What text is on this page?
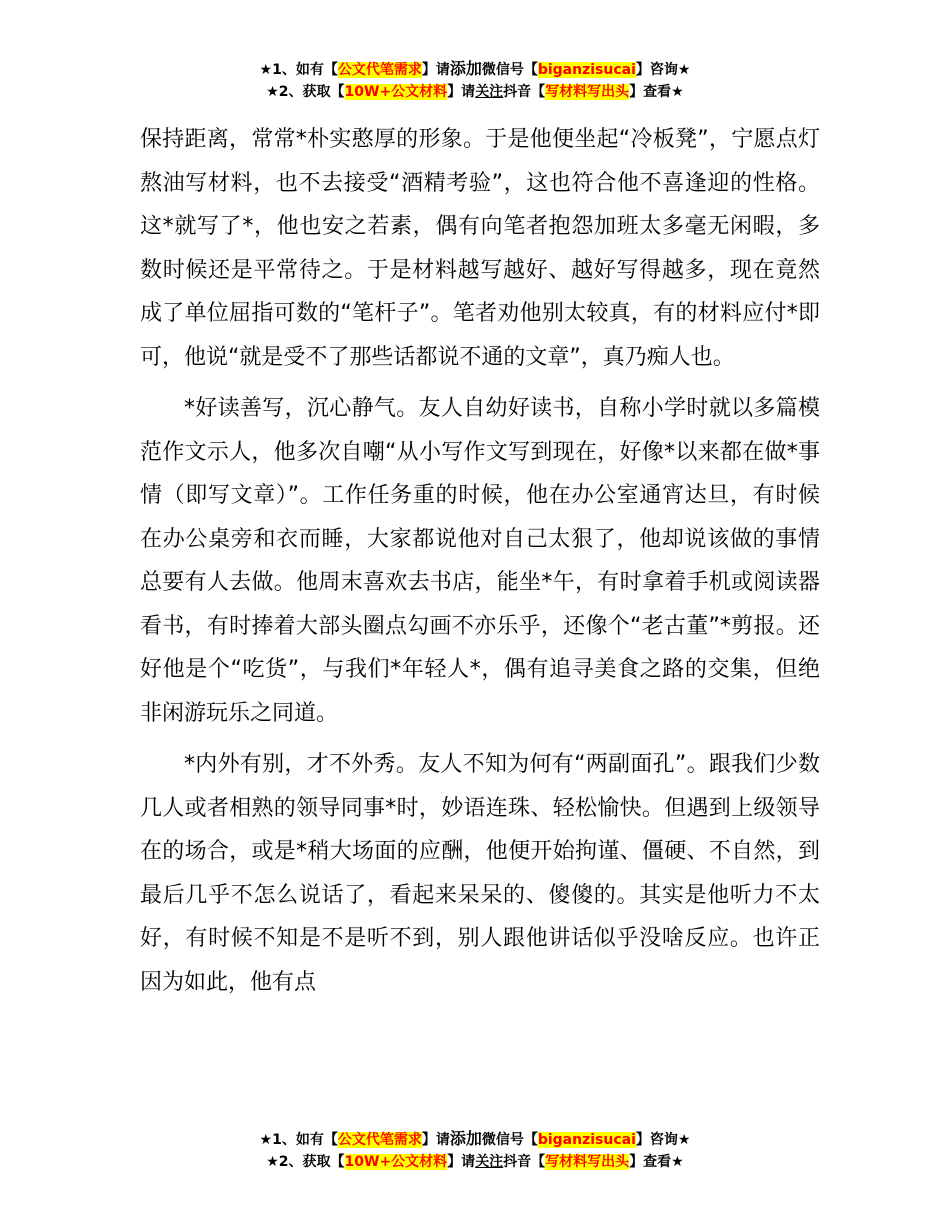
★1、如有【公文代笔需求】请添加微信号【biganzisucai】咨询★
★2、获取【10W+公文材料】请关注抖音【写材料写出头】查看★

保持距离，常常*朴实憨厚的形象。于是他便坐起“冷板凳”，宁愿点灯熬油写材料，也不去接受“酒精考验”，这也符合他不喜逢迎的性格。这*就写了*，他也安之若素，偶有向笔者抱怨加班太多毫无闲暇，多数时候还是平常待之。于是材料越写越好、越好写得越多，现在竟然成了单位屈指可数的“笔杆子”。笔者劝他别太较真，有的材料应付*即可，他说“就是受不了那些话都说不通的文章”，真乃痴人也。

*好读善写，沉心静气。友人自幼好读书，自称小学时就以多篇模范作文示人，他多次自嘲“从小写作文写到现在，好像*以来都在做*事情（即写文章）”。工作任务重的时候，他在办公室通宵达旦，有时候在办公桌旁和衣而睡，大家都说他对自己太狠了，他却说该做的事情总要有人去做。他周末喜欢去书店，能坐*午，有时拿着手机或阅读器看书，有时捧着大部头圈点勾画不亦乐乎，还像个“老古董”*剪报。还好他是个“吃货”，与我们*年轻人*，偶有追寻美食之路的交集，但绝非闲游玩乐之同道。

*内外有别，才不外秀。友人不知为何有“两副面孔”。跟我们少数几人或者相熟的领导同事*时，妙语连珠、轻松愉快。但遇到上级领导在的场合，或是*稍大场面的应酬，他便开始拘谨、僵硬、不自然，到最后几乎不怎么说话了，看起来呆呆的、傻傻的。其实是他听力不太好，有时候不知是不是听不到，别人跟他讲话似乎没啥反应。也许正因为如此，他有点

★1、如有【公文代笔需求】请添加微信号【biganzisucai】咨询★
★2、获取【10W+公文材料】请关注抖音【写材料写出头】查看★
